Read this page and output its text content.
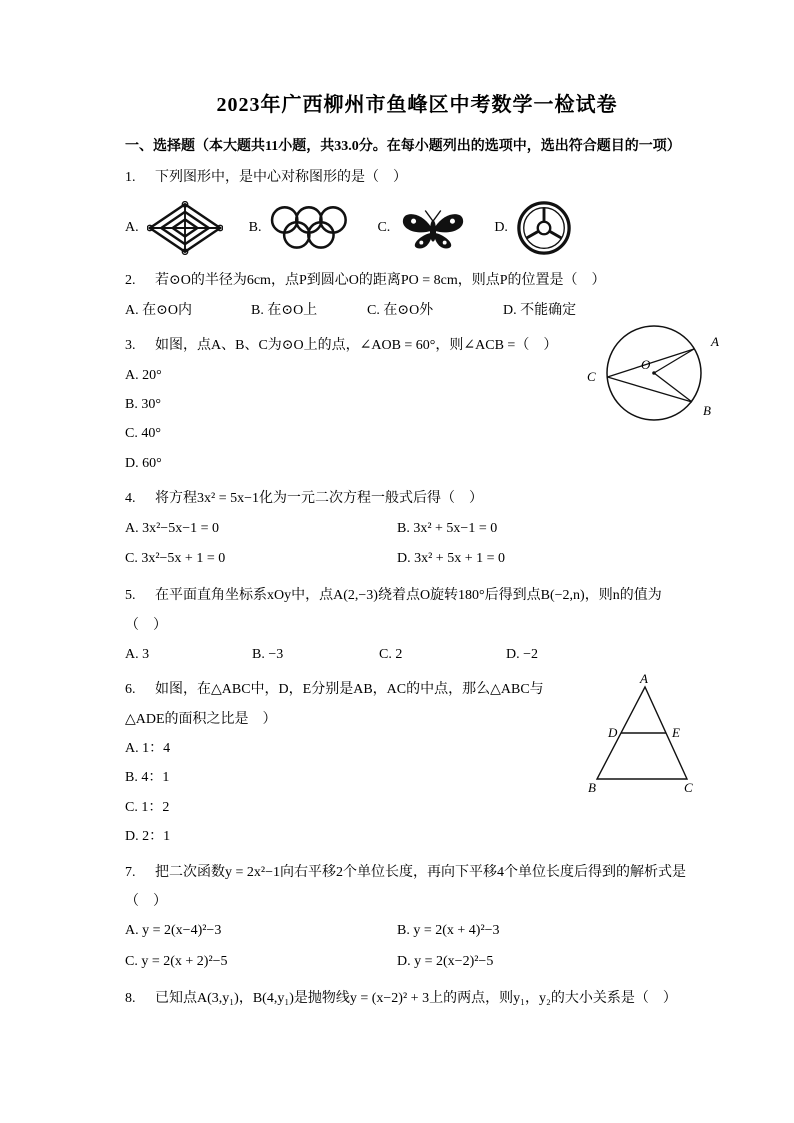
2023年广西柳州市鱼峰区中考数学一检试卷

一、选择题（本大题共11小题，共33.0分。在每小题列出的选项中，选出符合题目的一项）

1. 下列图形中，是中心对称图形的是（　）
A.	B.	C.	D.
2. 若⊙O的半径为6cm，点P到圆心O的距离PO = 8cm，则点P的位置是（　）
A. 在⊙O内	B. 在⊙O上	C. 在⊙O外	D. 不能确定
A
B
C
O
3. 如图，点A、B、C为⊙O上的点，∠AOB = 60°，则∠ACB =（　）
A. 20°
B. 30°
C. 40°
D. 60°
4. 将方程3x² = 5x−1化为一元二次方程一般式后得（　）
A. 3x²−5x−1 = 0	B. 3x² + 5x−1 = 0
C. 3x²−5x + 1 = 0	D. 3x² + 5x + 1 = 0
5. 在平面直角坐标系xOy中，点A(2,−3)绕着点O旋转180°后得到点B(−2,n)，则n的值为
（　）
A. 3	B. −3	C. 2	D. −2
A
B	C
D	E
6. 如图，在△ABC中，D，E分别是AB，AC的中点，那么△ABC与△ADE的面积之比是　）
A. 1：4
B. 4：1
C. 1：2
D. 2：1
7. 把二次函数y = 2x²−1向右平移2个单位长度，再向下平移4个单位长度后得到的解析式是
（　）
A. y = 2(x−4)²−3	B. y = 2(x + 4)²−3
C. y = 2(x + 2)²−5	D. y = 2(x−2)²−5
8. 已知点A(3,y₁)，B(4,y₁)是抛物线y = (x−2)² + 3上的两点，则y₁，y₂的大小关系是（　）
